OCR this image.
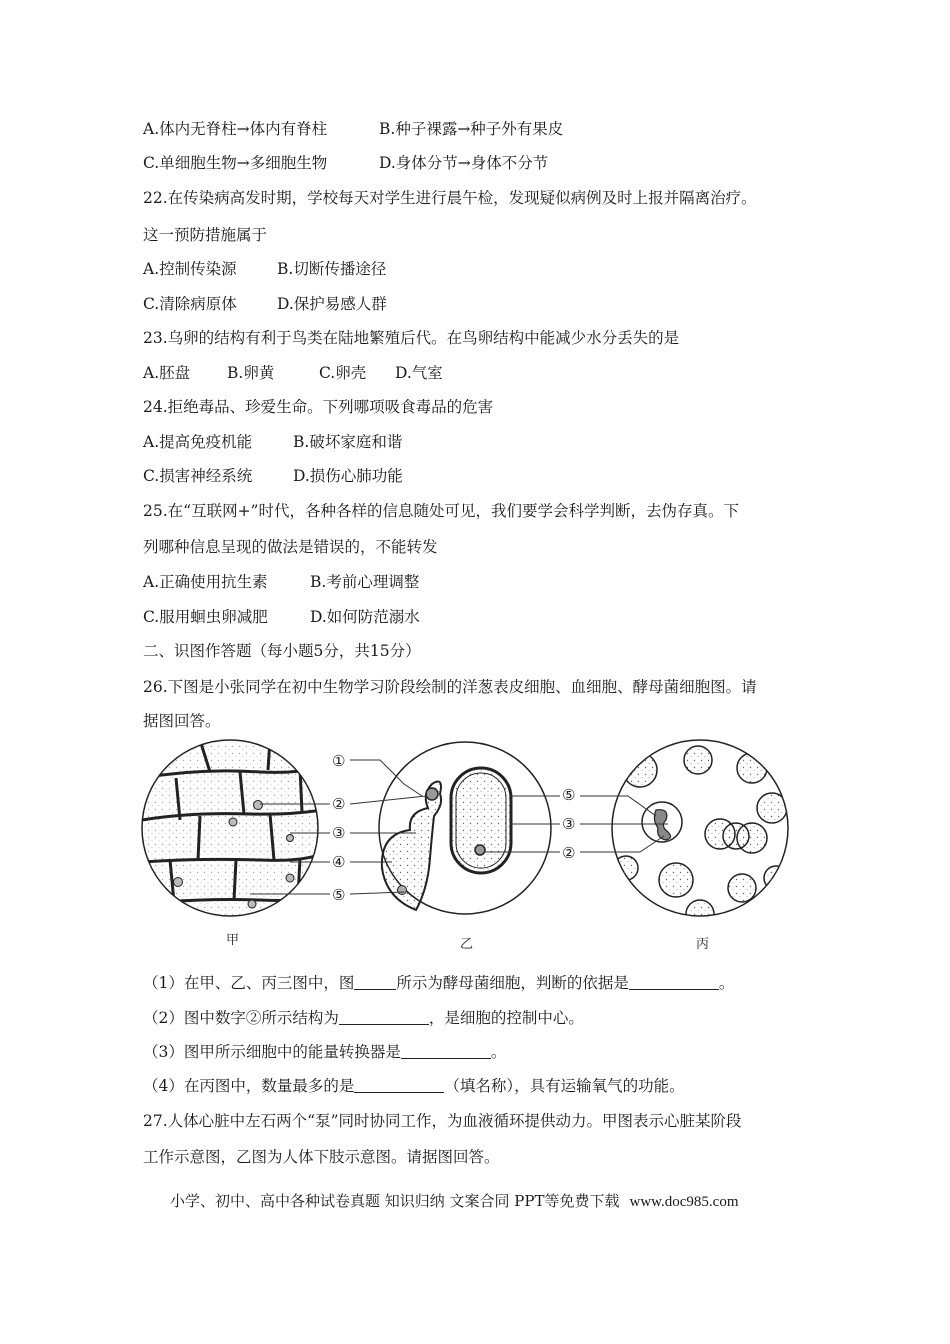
A.体内无脊柱→体内有脊柱	B.种子裸露→种子外有果皮
C.单细胞生物→多细胞生物	D.身体分节→身体不分节
22.在传染病高发时期，学校每天对学生进行晨午检，发现疑似病例及时上报并隔离治疗。
这一预防措施属于
A.控制传染源	B.切断传播途径
C.清除病原体	D.保护易感人群
23.乌卵的结构有利于鸟类在陆地繁殖后代。在鸟卵结构中能减少水分丢失的是
A.胚盘 B.卵黄	C.卵壳 D.气室
24.拒绝毒品、珍爱生命。下列哪项吸食毒品的危害
A.提高免疫机能	B.破坏家庭和谐
C.损害神经系统	D.损伤心肺功能
25.在“互联网+”时代，各种各样的信息随处可见，我们要学会科学判断，去伪存真。下
列哪种信息呈现的做法是错误的，不能转发
A.正确使用抗生素	B.考前心理调整
C.服用蛔虫卵减肥	D.如何防范溺水
二、识图作答题（每小题5分，共15分）
26.下图是小张同学在初中生物学习阶段绘制的洋葱表皮细胞、血细胞、酵母菌细胞图。请
据图回答。
①
②
③
④
⑤
⑤
③
②
甲	乙	丙
（1）在甲、乙、丙三图中，图	所示为酵母菌细胞，判断的依据是	。
（2）图中数字②所示结构为	，是细胞的控制中心。
（3）图甲所示细胞中的能量转换器是	。
（4）在丙图中，数量最多的是	（填名称），具有运输氧气的功能。
27.人体心脏中左石两个“泵”同时协同工作，为血液循环提供动力。甲图表示心脏某阶段
工作示意图，乙图为人体下肢示意图。请据图回答。
小学、初中、高中各种试卷真题 知识归纳 文案合同 PPT等免费下载 www.doc985.com
